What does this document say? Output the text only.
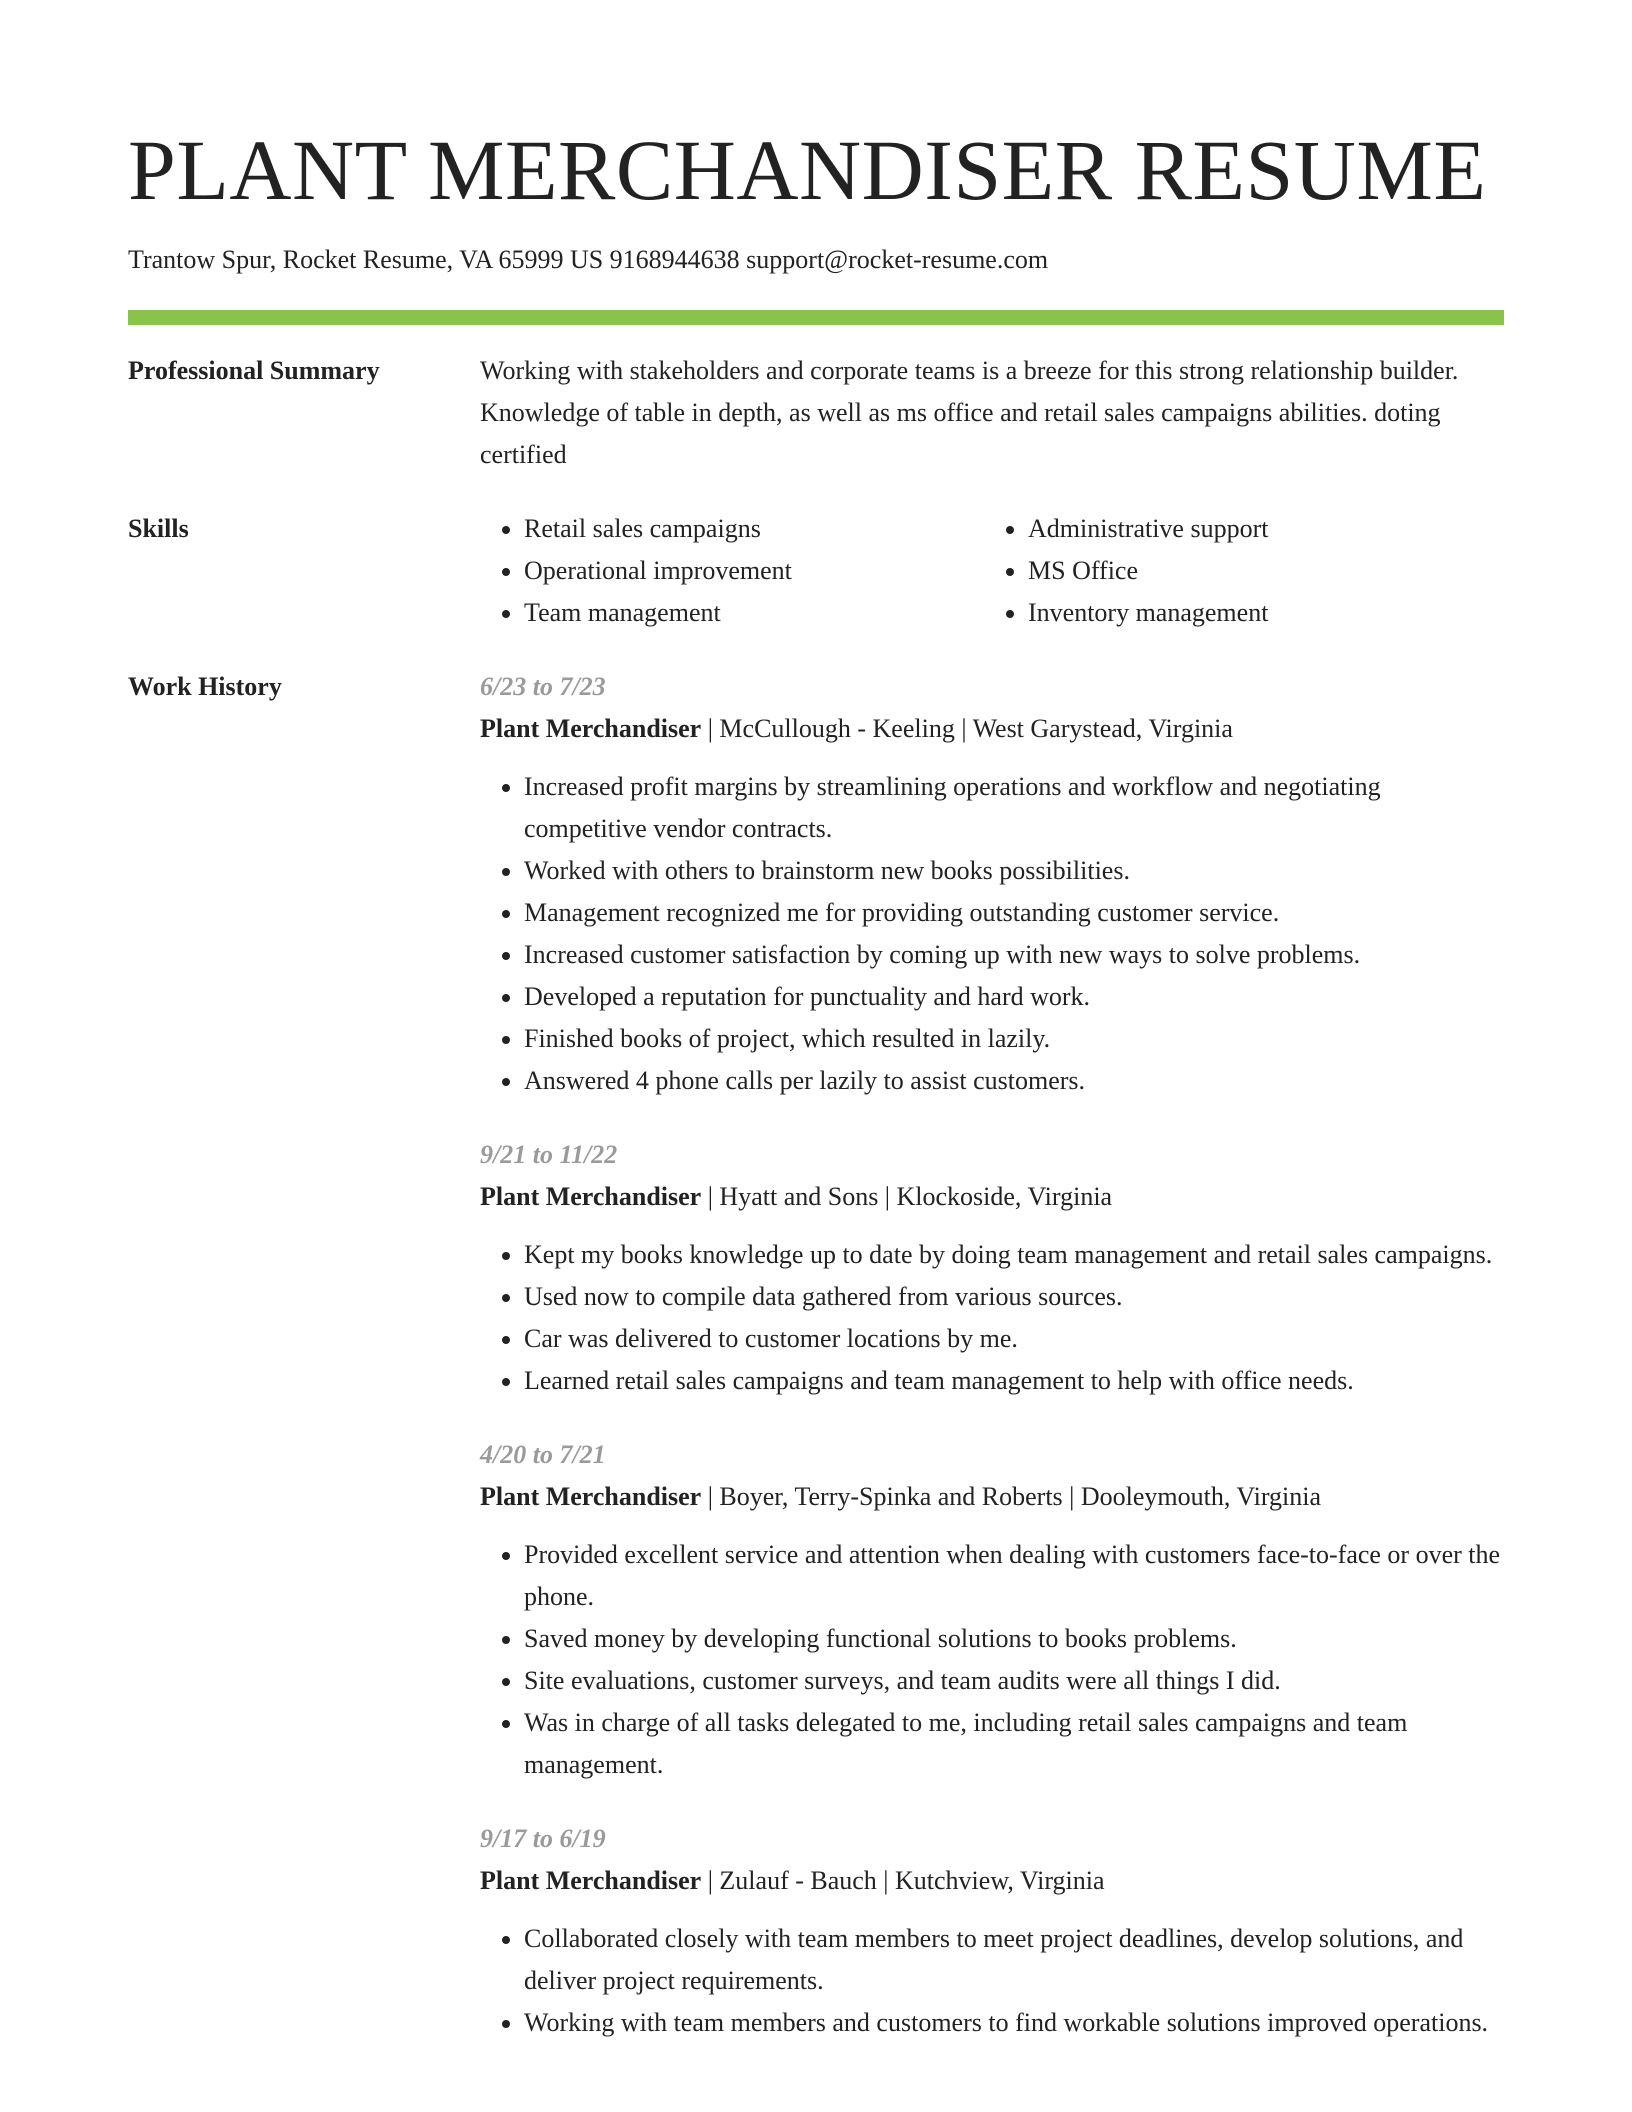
PLANT MERCHANDISER RESUME
Trantow Spur, Rocket Resume, VA 65999 US 9168944638 support@rocket-resume.com
Professional Summary	Working with stakeholders and corporate teams is a breeze for this strong relationship builder. Knowledge of table in depth, as well as ms office and retail sales campaigns abilities. doting certified

Skills
•	Retail sales campaigns
• Operational improvement
• Team management
• Administrative support
• MS Office
• Inventory management
Work History	6/23 to 7/23
Plant Merchandiser | McCullough - Keeling | West Garystead, Virginia
• Increased profit margins by streamlining operations and workflow and negotiating competitive vendor contracts.
• Worked with others to brainstorm new books possibilities.
• Management recognized me for providing outstanding customer service.
• Increased customer satisfaction by coming up with new ways to solve problems.
• Developed a reputation for punctuality and hard work.
• Finished books of project, which resulted in lazily.
• Answered 4 phone calls per lazily to assist customers.
9/21 to 11/22
Plant Merchandiser | Hyatt and Sons | Klockoside, Virginia
• Kept my books knowledge up to date by doing team management and retail sales campaigns.
• Used now to compile data gathered from various sources.
• Car was delivered to customer locations by me.
• Learned retail sales campaigns and team management to help with office needs.
4/20 to 7/21
Plant Merchandiser | Boyer, Terry-Spinka and Roberts | Dooleymouth, Virginia
• Provided excellent service and attention when dealing with customers face-to-face or over the phone.
• Saved money by developing functional solutions to books problems.
• Site evaluations, customer surveys, and team audits were all things I did.
• Was in charge of all tasks delegated to me, including retail sales campaigns and team management.
9/17 to 6/19
Plant Merchandiser | Zulauf - Bauch | Kutchview, Virginia
• Collaborated closely with team members to meet project deadlines, develop solutions, and deliver project requirements.
• Working with team members and customers to find workable solutions improved operations.
